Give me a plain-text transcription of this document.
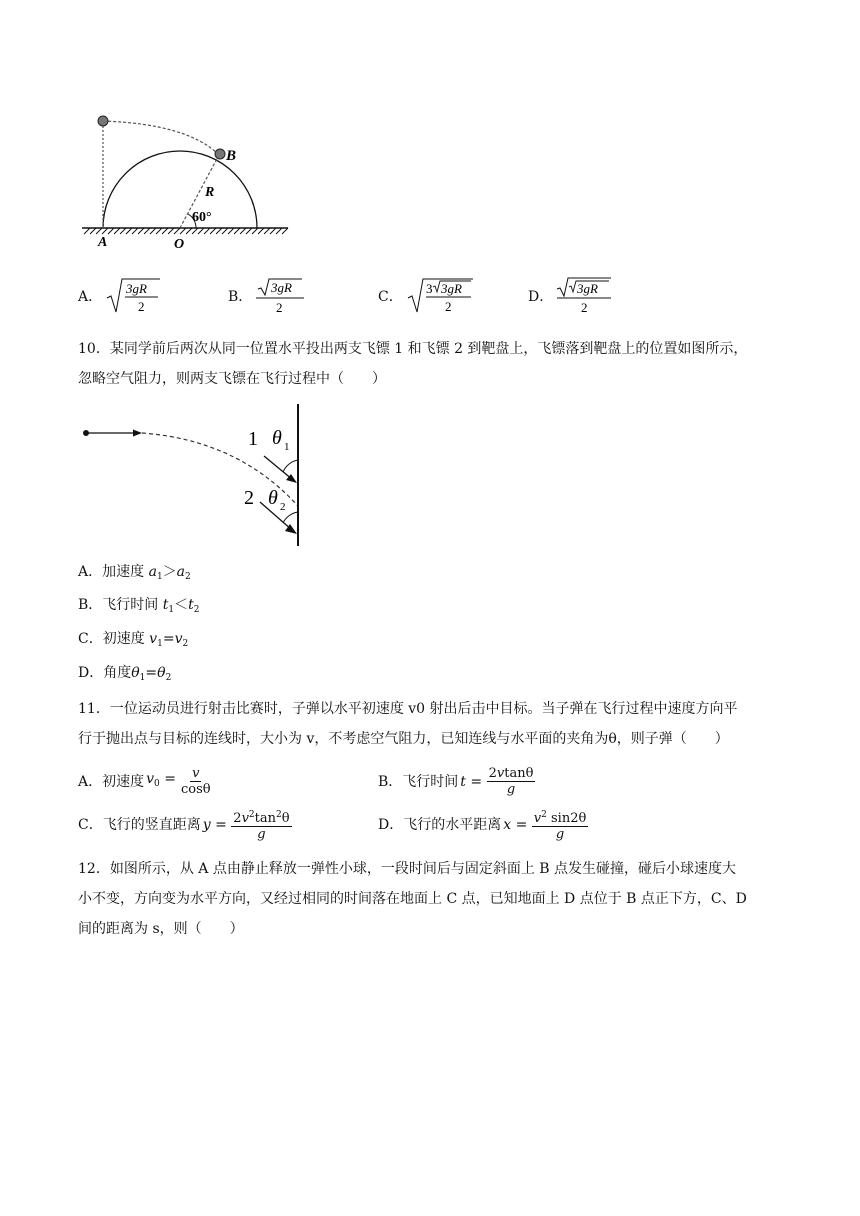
A	O
B
R
60°
A．
3gR
2
B．
3gR
2
C．
3 3gR
2
D．
3gR
2
10．某同学前后两次从同一位置水平投出两支飞镖 1 和飞镖 2 到靶盘上，飞镖落到靶盘上的位置如图所示，
忽略空气阻力，则两支飞镖在飞行过程中（　　）
1
2
θ 1
θ 2
A．加速度 $a_1>a_2$
B．飞行时间 $t_1<t_2$
C．初速度 $v_1=v_2$
D．角度$\theta_1=\theta_2$
11．一位运动员进行射击比赛时，子弹以水平初速度 v0 射出后击中目标。当子弹在飞行过程中速度方向平
行于抛出点与目标的连线时，大小为 v，不考虑空气阻力，已知连线与水平面的夹角为θ，则子弹（　　）
A． 初速度 $v_0 = \frac{v}{\cos\theta}$	B． 飞行时间 $t = \frac{2vtan\theta}{g}$
C． 飞行的竖直距离 $y = \frac{2v^2\tan^2\theta}{g}$	D． 飞行的水平距离 $x = \frac{v^2 \sin 2\theta}{g}$
12．如图所示，从 A 点由静止释放一弹性小球，一段时间后与固定斜面上 B 点发生碰撞，碰后小球速度大
小不变，方向变为水平方向，又经过相同的时间落在地面上 C 点，已知地面上 D 点位于 B 点正下方，C、D
间的距离为 s，则（　　）
